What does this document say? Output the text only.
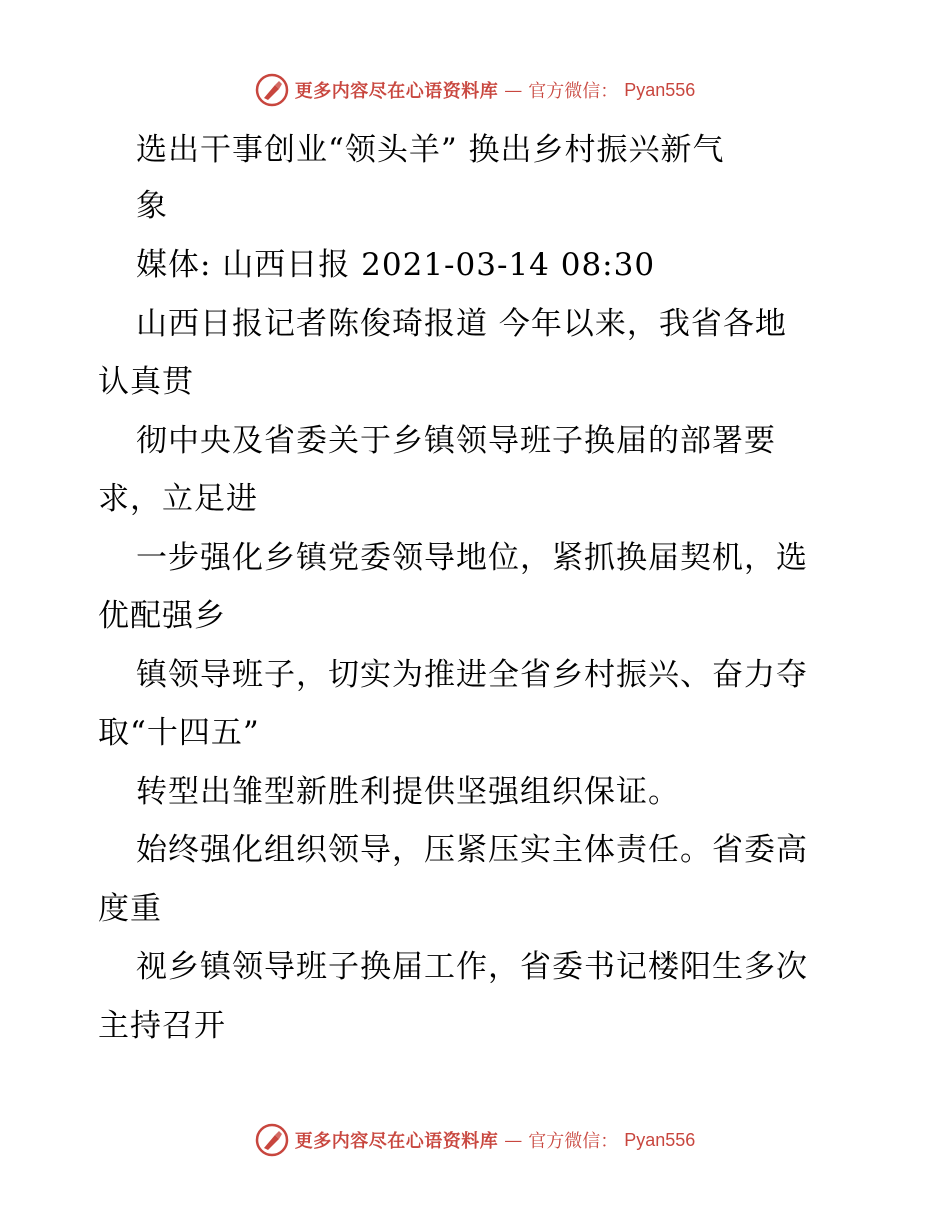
更多内容尽在心语资料库 — 官方微信： Pyan556
选出干事创业“领头羊” 换出乡村振兴新气
象
媒体: 山西日报 2021-03-14 08:30
山西日报记者陈俊琦报道 今年以来，我省各地
认真贯
彻中央及省委关于乡镇领导班子换届的部署要
求，立足进
一步强化乡镇党委领导地位，紧抓换届契机，选
优配强乡
镇领导班子，切实为推进全省乡村振兴、奋力夺
取“十四五”
转型出雏型新胜利提供坚强组织保证。
始终强化组织领导，压紧压实主体责任。省委高
度重
视乡镇领导班子换届工作，省委书记楼阳生多次
主持召开
更多内容尽在心语资料库 — 官方微信： Pyan556
